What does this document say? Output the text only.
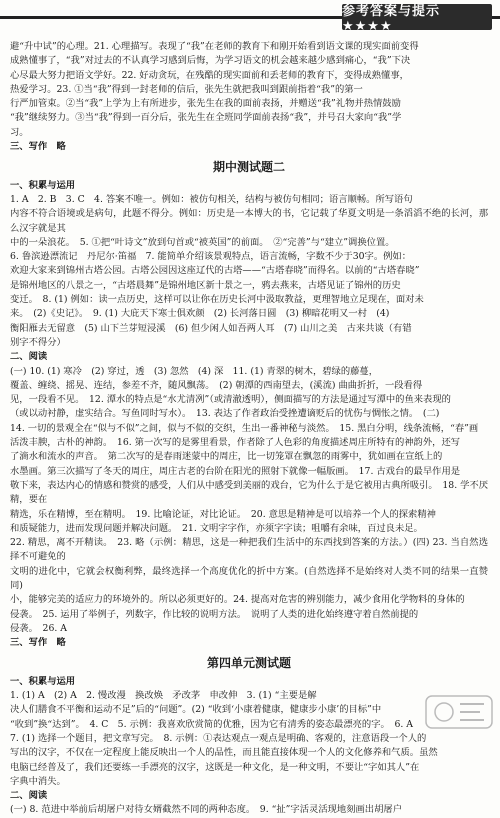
参考答案与提示 ★★★★

避“升中试”的心理。21. 心理描写。表现了“我”在老师的教育下和刚开始看到语文课的现实面前变得

成熟懂事了，“我”对过去的不认真学习感到后悔，为学习语文的机会越来越少感到痛心，“我”下决

心尽最大努力把语文学好。22. 好动贪玩，在残酷的现实面前和丢老师的教育下，变得成熟懂事，

热爱学习。23. ①当“我”得到一封老师的信后，张先生就把我叫到跟前指着“我”的第一

行严加管束。②当“我”上学为上有所进步，张先生在我的面前表扬，并赠送“我”礼物并热情鼓励

“我”继续努力。③当“我”得到一百分后，张先生在全班同学面前表扬“我”，并号召大家向“我”学

习。

三、写作　略

期中测试题二

一、积累与运用

1. A　2. B　3. C　4. 答案不唯一。例如：被仿句相关，结构与被仿句相同；语言顺畅。所写语句

内容不符合语境或是病句，此题不得分。例如：历史是一本博大的书，它记载了华夏文明是一条滔滔不绝的长河，那么汉字就是其

中的一朵浪花。　5. ①把“叶诗文”放到句首或“被英国”的前面。　②“完善”与“建立”调换位置。

6. 鲁滨逊漂流记　丹尼尔·笛福　7. 能简单介绍该景观特点，语言流畅，字数不少于30字。例如：

欢迎大家来到锦州古塔公园。古塔公园因这座辽代的古塔——“古塔春晓”而得名。以前的“古塔春晓”

是锦州地区的八景之一，“古塔晨舞”是锦州地区新十景之一，鸦去燕来，古塔见证了锦州的历史

变迁。　8. (1) 例如：读一点历史，这样可以让你在历史长河中汲取教益，更理智地立足现在，面对未

来。　(2)《史记》。　9. (1) 大庇天下寒士俱欢颜　(2) 长河落日圆　(3) 柳暗花明又一村　(4)

衡阳雁去无留意　(5) 山下兰芽短浸溪　(6) 但少闲人如吾两人耳　(7) 山川之美　古来共谈（有错

别字不得分）

二、阅读

(一) 10. (1) 寒冷　(2) 穿过，透　(3) 忽然　(4) 深　11. (1) 青翠的树木，碧绿的藤蔓，

覆盖、缠绕、摇晃、连结，参差不齐，随风飘荡。　(2) 朝潭的西南望去，(溪流) 曲曲折折，一段看得

见，一段看不见。　12. 潭水的特点是“水尤清冽”（或清澈透明），侧面描写的方法是通过写潭中的鱼来表现的

（或以动衬静，虚实结合。写鱼同时写水）。　13. 表达了作者政治受挫遭谪贬后的忧伤与惆怅之情。　(二)

14. 一切的景观全在“似与不似”之间，似与不似的交织，生出一番神秘与淡然。　15. 黑白分明，线条流畅，“春”画

活泼丰腴，古朴的神韵。　16. 第一次写的是雾里看景，作者除了人色彩的角度描述周庄所特有的神韵外，还写

了滴水和流水的声音。　第二次写的是春雨迷蒙中的周庄，比一切笼罩在飘忽的雨雾中，犹如画在宣纸上的

水墨画。第三次描写了冬天的周庄，周庄古老的台阶在阳光的照射下就像一幅版画。　17. 古戏台的最早作用是

敬下来，表达内心的情感和赞赏的感受，人们从中感受到美丽的戏台，它为什么于是它被用古典所吸引。　18. 学不厌精，要在

精选，乐在精博，至在精明。　19. 比喻论证，对比论证。　20. 意思是精神是可以培养一个人的探索精神

和质疑能力，进而发现问题并解决问题。　21. 文明字字作，亦须字字读；咀嚼有余味，百过良未足。

22. 精思，离不开精读。　23. 略（示例：精思，这是一种把我们生活中的东西找到答案的方法。）(四) 23. 当自然选择不可避免的

文明的进化中，它就会权衡利弊，最终选择一个高度优化的折中方案。(自然选择不是始终对人类不同的结果一直赞同)

小，能够完美的适应力的环境外的。所以必须更好的。24. 提高对危害的辨别能力，减少食用化学物料的身体的

侵袭。　25. 运用了举例子，列数字，作比较的说明方法。　说明了人类的进化始终遵守着自然前提的

侵袭。　26. A

三、写作　略

第四单元测试题

一、积累与运用

1. (1) A　(2) A　2. 慢改漫　换改焕　矛改茅　申改伸　3. (1) “主要是解

决人们膳食不平衡和运动不足”后的“问题”。(2) “收到‘小康着健康，健康步小康’的目标”中

“收到”换“达到”。　4. C　5. 示例：我喜欢欣赏简的优雅，因为它有清秀的姿态最漂亮的字。　6. A

7. (1) 选择一个题目，把文章写完。　8. 示例：①表达观点一观点是明确、客观的，注意语段一个人的

写出的汉字，不仅在一定程度上能反映出一个人的品性，而且能直接体现一个人的文化修养和气质。虽然

电脑已经普及了，我们还要练一手漂亮的汉字，这既是一种文化，是一种文明，不要让“字如其人”在

字典中消失。

二、阅读

(一) 8. 范进中举前后胡屠户对待女婿截然不同的两种态度。　9. “扯”字活灵活现地刻画出胡屠户
